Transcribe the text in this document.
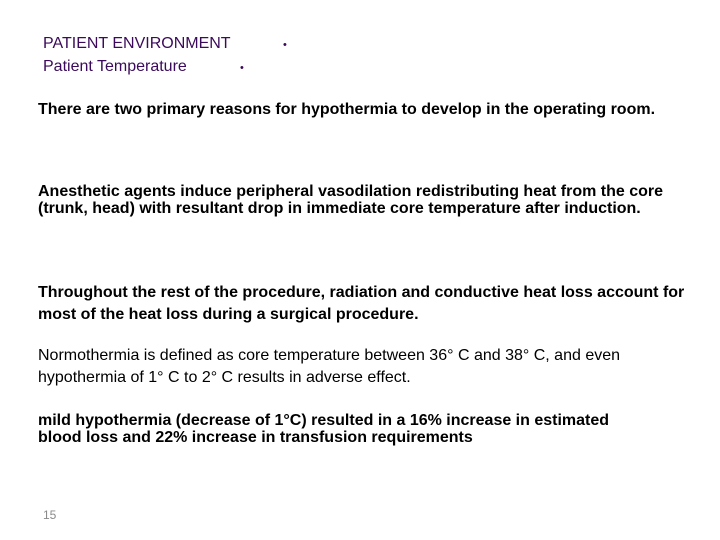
PATIENT ENVIRONMENT	•
Patient Temperature	•
There are two primary reasons for hypothermia to develop in the operating room.
Anesthetic agents induce peripheral vasodilation redistributing heat from the core (trunk, head) with resultant drop in immediate core temperature after induction.
Throughout the rest of the procedure, radiation and conductive heat loss account for most of the heat loss during a surgical procedure.
Normothermia is defined as core temperature between 36° C and 38° C, and even hypothermia of 1° C to 2° C results in adverse effect.
mild hypothermia (decrease of 1°C) resulted in a 16% increase in estimated blood loss and 22% increase in transfusion requirements
15
